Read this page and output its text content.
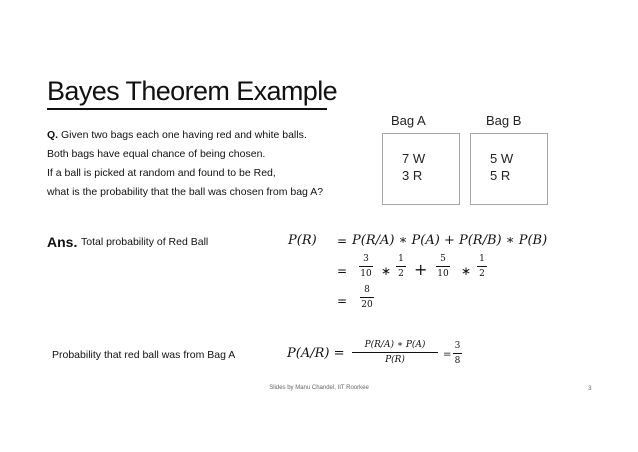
Bayes Theorem Example
Q. Given two bags each one having red and white balls.
Both bags have equal chance of being chosen.
If a ball is picked at random and found to be Red,
what is the probability that the ball was chosen from bag A?
Bag A	Bag B
7 W
3 R
5 W
5 R
Ans. Total probability of Red Ball	P(R) = P(R/A) ∗ P(A) + P(R/B) ∗ P(B)
=
3
10 ∗
1
2 +
5
10 ∗
1
2
=
8
20
Probability that red ball was from Bag A	P(A/R) =
P(R/A) ∗ P(A)
P(R)	=
3
8
Slides by Manu Chandel, IIT Roorkee	3
